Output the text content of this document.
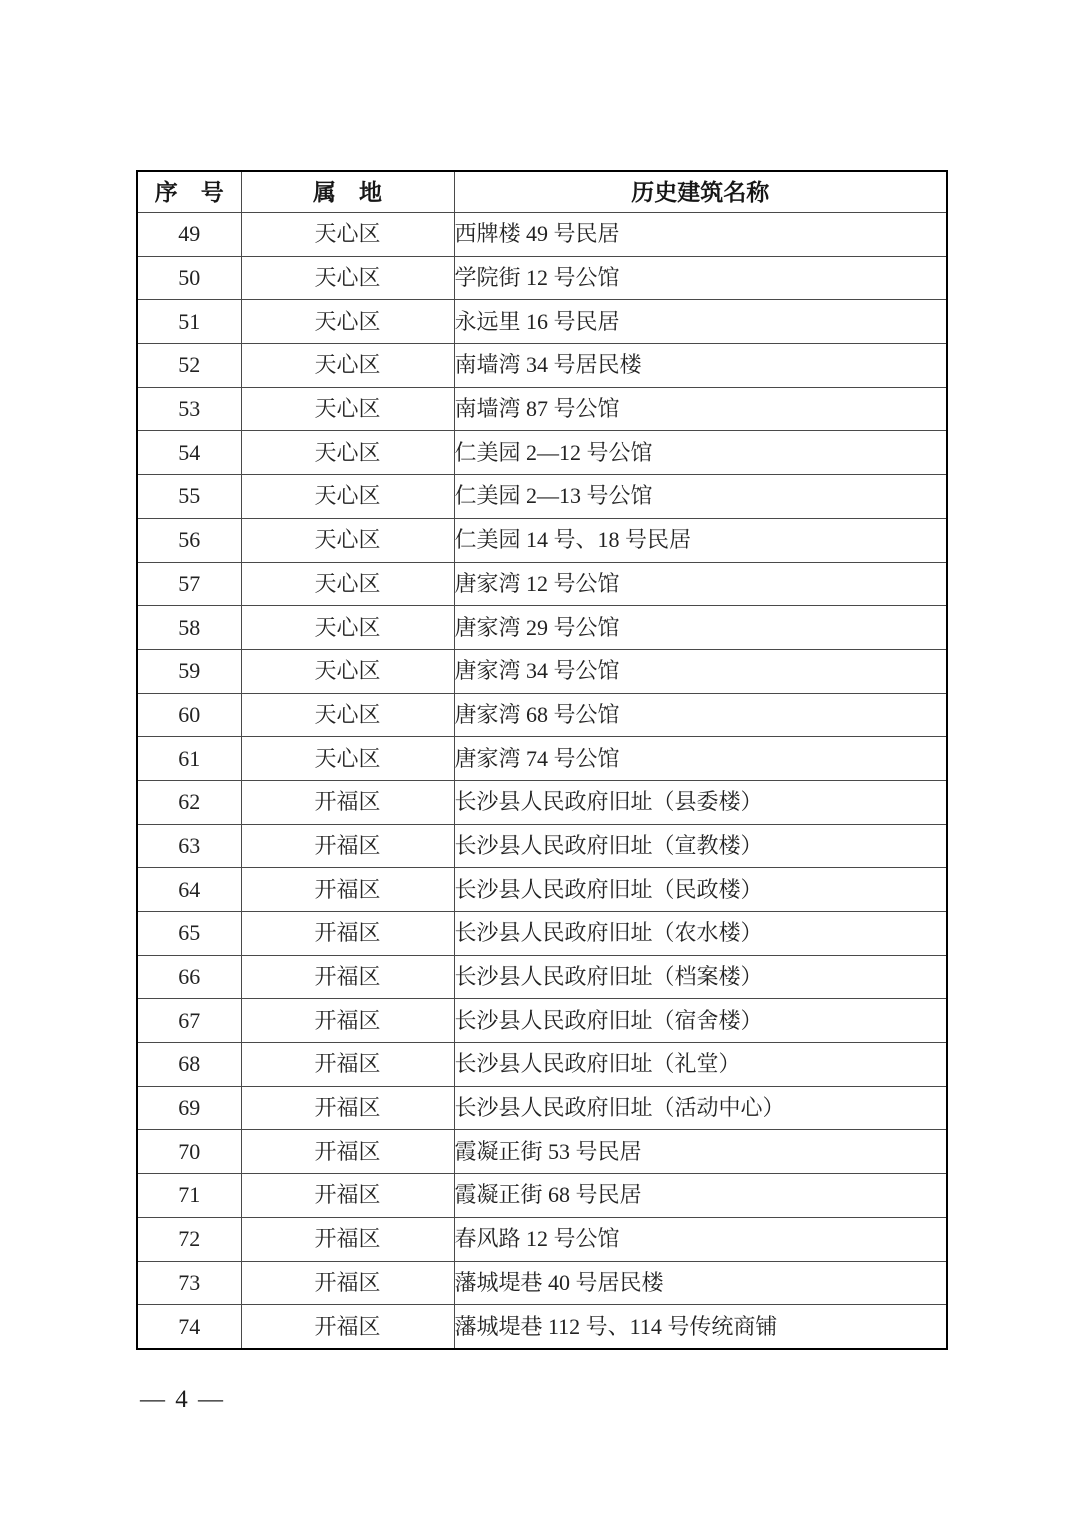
序　号	属　地	历史建筑名称
49	天心区	西牌楼 49 号民居
50	天心区	学院街 12 号公馆
51	天心区	永远里 16 号民居
52	天心区	南墙湾 34 号居民楼
53	天心区	南墙湾 87 号公馆
54	天心区	仁美园 2—12 号公馆
55	天心区	仁美园 2—13 号公馆
56	天心区	仁美园 14 号、18 号民居
57	天心区	唐家湾 12 号公馆
58	天心区	唐家湾 29 号公馆
59	天心区	唐家湾 34 号公馆
60	天心区	唐家湾 68 号公馆
61	天心区	唐家湾 74 号公馆
62	开福区	长沙县人民政府旧址（县委楼）
63	开福区	长沙县人民政府旧址（宣教楼）
64	开福区	长沙县人民政府旧址（民政楼）
65	开福区	长沙县人民政府旧址（农水楼）
66	开福区	长沙县人民政府旧址（档案楼）
67	开福区	长沙县人民政府旧址（宿舍楼）
68	开福区	长沙县人民政府旧址（礼堂）
69	开福区	长沙县人民政府旧址（活动中心）
70	开福区	霞凝正街 53 号民居
71	开福区	霞凝正街 68 号民居
72	开福区	春风路 12 号公馆
73	开福区	藩城堤巷 40 号居民楼
74	开福区	藩城堤巷 112 号、114 号传统商铺
— 4 —
